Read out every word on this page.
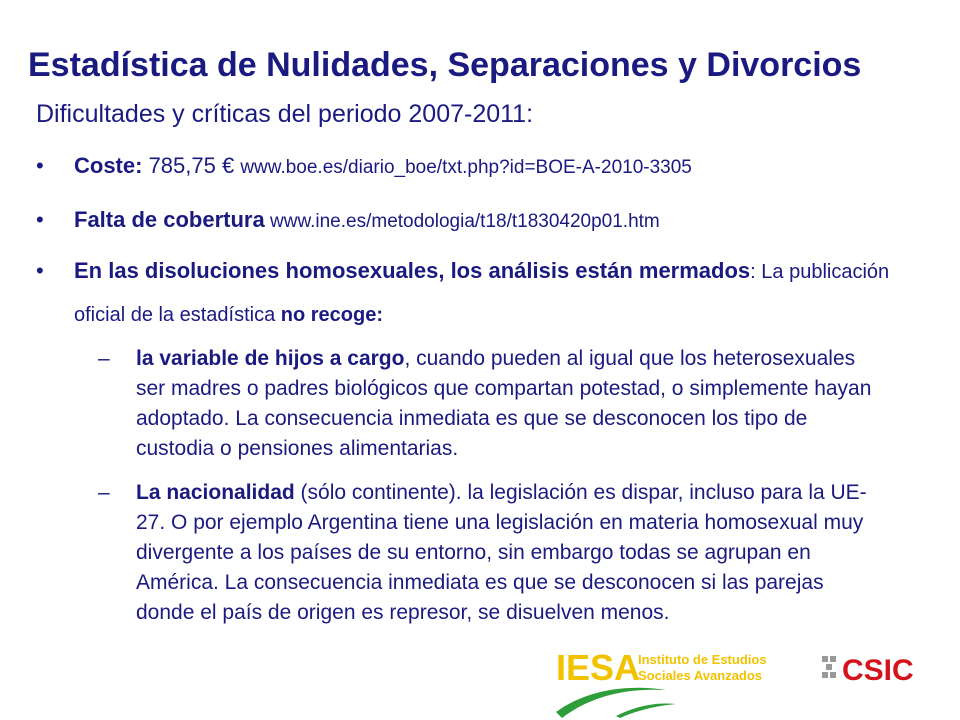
Estadística de Nulidades, Separaciones y Divorcios
Dificultades y críticas del periodo 2007-2011:
• Coste: 785,75 € www.boe.es/diario_boe/txt.php?id=BOE-A-2010-3305
• Falta de cobertura www.ine.es/metodologia/t18/t1830420p01.htm
• En las disoluciones homosexuales, los análisis están mermados: La publicación oficial de la estadística no recoge:
– la variable de hijos a cargo, cuando pueden al igual que los heterosexuales ser madres o padres biológicos que compartan potestad, o simplemente hayan adoptado. La consecuencia inmediata es que se desconocen los tipo de custodia o pensiones alimentarias.
– La nacionalidad (sólo continente). la legislación es dispar, incluso para la UE-27. O por ejemplo Argentina tiene una legislación en materia homosexual muy divergente a los países de su entorno, sin embargo todas se agrupan en América. La consecuencia inmediata es que se desconocen si las parejas donde el país de origen es represor, se disuelven menos.
IESA
Instituto de Estudios
Sociales Avanzados	CSIC
